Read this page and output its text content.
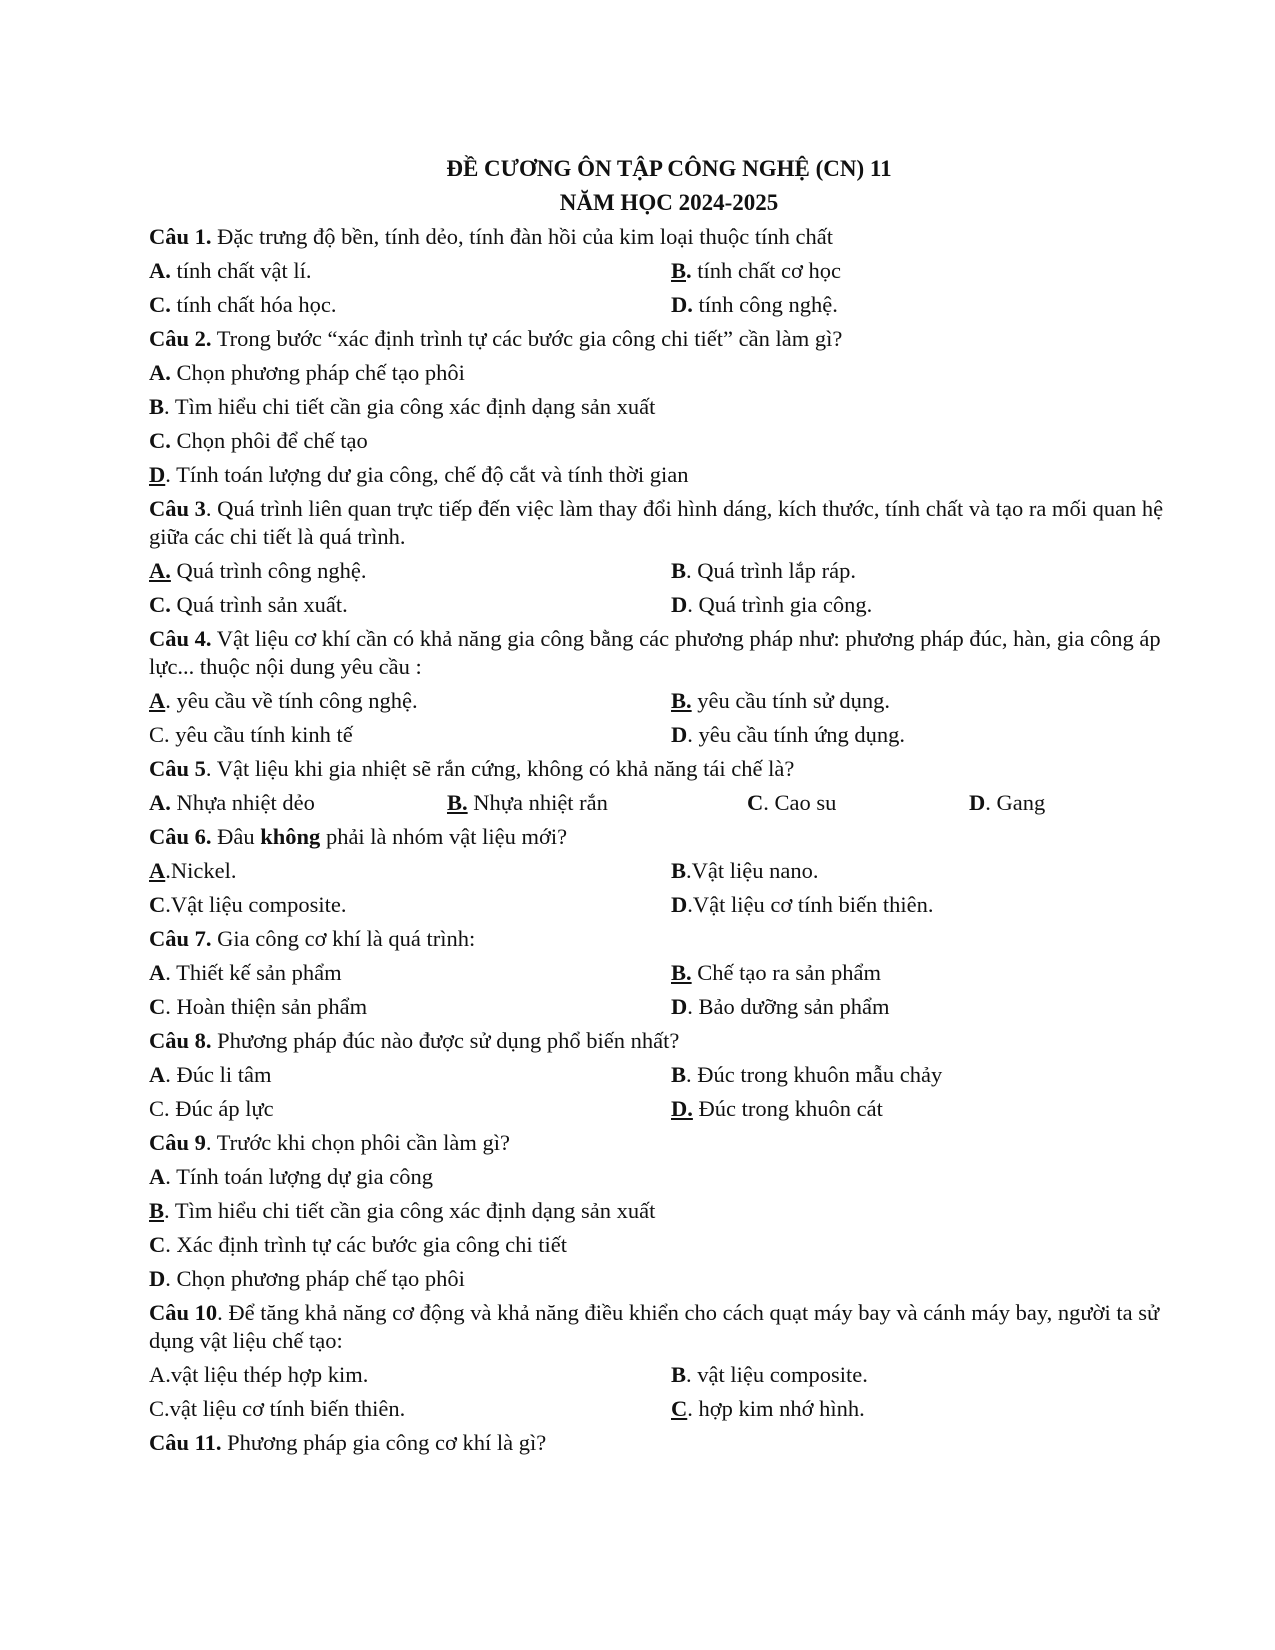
ĐỀ CƯƠNG ÔN TẬP CÔNG NGHỆ (CN) 11
NĂM HỌC 2024-2025
Câu 1. Đặc trưng độ bền, tính dẻo, tính đàn hồi của kim loại thuộc tính chất
A. tính chất vật lí.	B. tính chất cơ học
C. tính chất hóa học.	D. tính công nghệ.
Câu 2. Trong bước “xác định trình tự các bước gia công chi tiết” cần làm gì?
A. Chọn phương pháp chế tạo phôi
B. Tìm hiểu chi tiết cần gia công xác định dạng sản xuất
C. Chọn phôi để chế tạo
D. Tính toán lượng dư gia công, chế độ cắt và tính thời gian
Câu 3. Quá trình liên quan trực tiếp đến việc làm thay đổi hình dáng, kích thước, tính chất và tạo ra mối quan hệ giữa các chi tiết là quá trình.
A. Quá trình công nghệ.	B. Quá trình lắp ráp.
C. Quá trình sản xuất.	D. Quá trình gia công.
Câu 4. Vật liệu cơ khí cần có khả năng gia công bằng các phương pháp như: phương pháp đúc, hàn, gia công áp lực... thuộc nội dung yêu cầu :
A. yêu cầu về tính công nghệ.	B. yêu cầu tính sử dụng.
C. yêu cầu tính kinh tế	D. yêu cầu tính ứng dụng.
Câu 5. Vật liệu khi gia nhiệt sẽ rắn cứng, không có khả năng tái chế là?
A. Nhựa nhiệt dẻo	B. Nhựa nhiệt rắn	C. Cao su	D. Gang
Câu 6. Đâu không phải là nhóm vật liệu mới?
A.Nickel.	B.Vật liệu nano.
C.Vật liệu composite.	D.Vật liệu cơ tính biến thiên.
Câu 7. Gia công cơ khí là quá trình:
A. Thiết kế sản phẩm	B. Chế tạo ra sản phẩm
C. Hoàn thiện sản phẩm	D. Bảo dưỡng sản phẩm
Câu 8. Phương pháp đúc nào được sử dụng phổ biến nhất?
A. Đúc li tâm	B. Đúc trong khuôn mẫu chảy
C. Đúc áp lực	D. Đúc trong khuôn cát
Câu 9. Trước khi chọn phôi cần làm gì?
A. Tính toán lượng dự gia công
B. Tìm hiểu chi tiết cần gia công xác định dạng sản xuất
C. Xác định trình tự các bước gia công chi tiết
D. Chọn phương pháp chế tạo phôi
Câu 10. Để tăng khả năng cơ động và khả năng điều khiển cho cách quạt máy bay và cánh máy bay, người ta sử dụng vật liệu chế tạo:
A.vật liệu thép hợp kim.	B. vật liệu composite.
C.vật liệu cơ tính biến thiên.	C. hợp kim nhớ hình.
Câu 11. Phương pháp gia công cơ khí là gì?
